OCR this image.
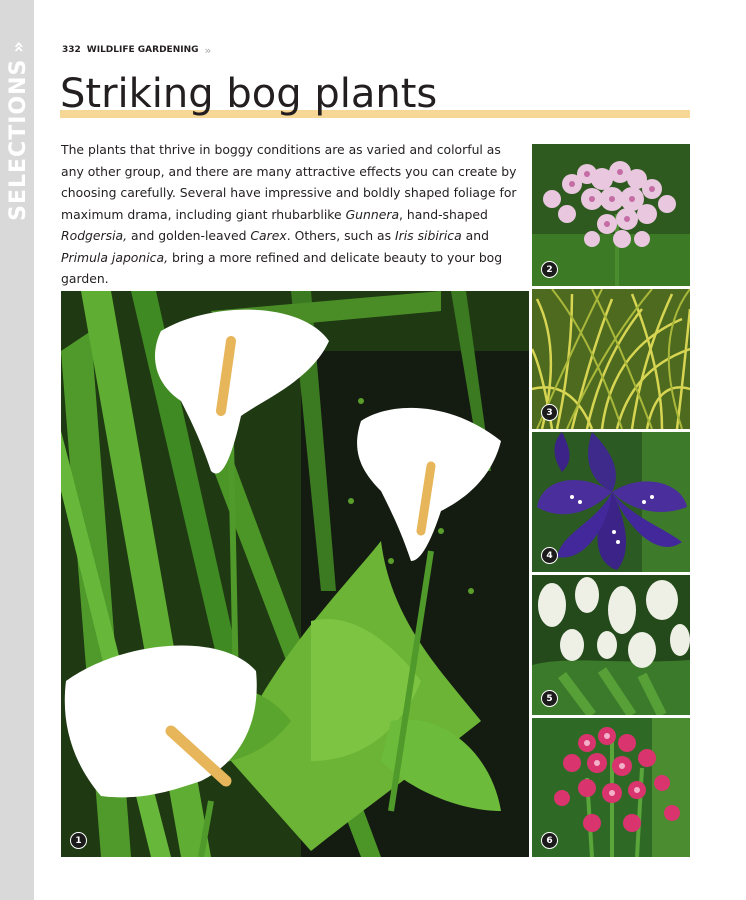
SELECTIONS
»	332 WILDLIFE GARDENING ››
Striking bog plants

The plants that thrive in boggy conditions are as varied and colorful as any other group, and there are many attractive effects you can create by choosing carefully. Several have impressive and boldly shaped foliage for maximum drama, including giant rhubarblike Gunnera, hand-shaped Rodgersia, and golden-leaved Carex. Others, such as Iris sibirica and Primula japonica, bring a more refined and delicate beauty to your bog garden.

1
2
3
4
5
6
